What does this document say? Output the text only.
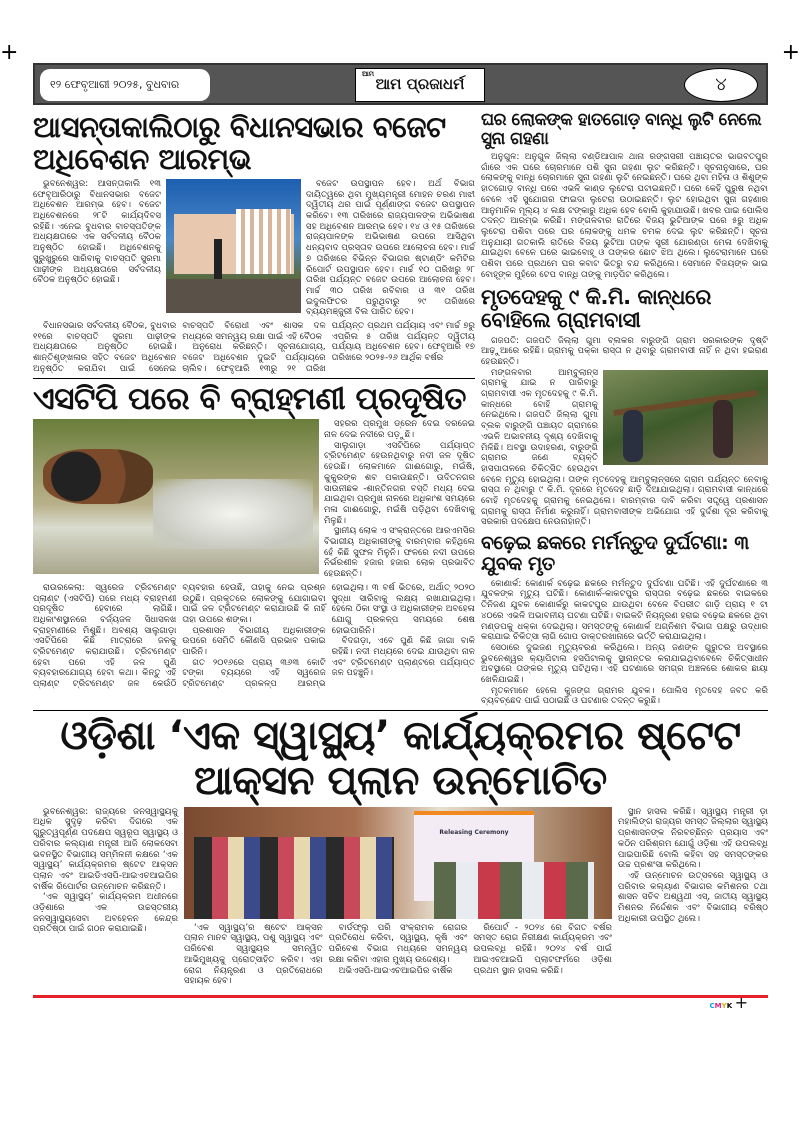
+	+
୧୨ ଫେବୃଆରୀ ୨୦୨୫, ବୁଧବାର
ଆମ
ଆମ ପ୍ରଜାଧର୍ମ	୪
ଆସନ୍ତାକାଲିଠାରୁ ବିଧାନସଭାର ବଜେଟ ଅଧିବେଶନ ଆରମ୍ଭ

ଭୁବନେଶ୍ୱର: ଆସନ୍ତାକାଲି ୧୩ ଫେବୃଆରିଠାରୁ ବିଧାନସଭାର ବଜେଟ ଅଧିବେଶନ ଆରମ୍ଭ ହେବ। ବଜେଟ ଅଧିବେଶନରେ ୨୮ଟି କାର୍ଯ୍ୟଦିବସ ରହିଛି। ଏନେଇ ବୁଧବାର ବାଚସ୍ପତିଙ୍କ ଅଧ୍ୟକ୍ଷତାରେ ଏକ ସର୍ବଦଳୀୟ ବୈଠକ ଅନୁଷ୍ଠିତ ହୋଇଛି। ଅଧିବେଶନକୁ ସୁରୁଖୁରୁରେ ସାରିବାକୁ ବାଚସ୍ପତି ସୁରମା ପାଢ଼ୀଙ୍କ ଅଧ୍ୟକ୍ଷତାରେ ସର୍ବଦଳୀୟ ବୈଠକ ଅନୁଷ୍ଠିତ ହୋଇଛି।

ବଜେଟ ଉପସ୍ଥାପନ ହେବ। ଅର୍ଥ ବିଭାଗ ଦାୟିତ୍ୱରେ ଥିବା ମୁଖ୍ୟମନ୍ତ୍ରୀ ମୋହନ ଚରଣ ମାଝୀ ଦ୍ୱିତୀୟ ଥର ପାଇଁ ପୂର୍ଣ୍ଣାଙ୍ଗ ବଜେଟ ଉପସ୍ଥାପନ କରିବେ। ୧୩ ତାରିଖରେ ରାଜ୍ୟପାଳଙ୍କ ଅଭିଭାଷଣ ସହ ଅଧିବେଶନ ଆରମ୍ଭ ହେବ। ୧୪ ଓ ୧୫ ତାରିଖରେ ରାଜ୍ୟପାଳଙ୍କ ଅଭିଭାଷଣ ଉପରେ ଆସିଥିବା ଧନ୍ୟବାଦ ପ୍ରସ୍ତାବ ଉପରେ ଆଲୋଚନା ହେବ। ମାର୍ଚ୍ଚ ୭ ତାରିଖରେ ବିଭିନ୍ନ ବିଭାଗର ଷ୍ଟାଣ୍ଡିଂ କମିଟିର ରିପୋର୍ଟ ଉପସ୍ଥାପନ ହେବ। ମାର୍ଚ୍ଚ ୧୦ ତାରିଖରୁ ୨୮ ତାରିଖ ପର୍ଯ୍ୟନ୍ତ ବଜେଟ ଉପରେ ଆଲୋଚନା ହେବ। ମାର୍ଚ୍ଚ ୩୦ ତାରିଖ ରବିବାର ଓ ୩୧ ତାରିଖ ଇଦୁଲଫିତର ପରୁଥିବାରୁ ୨୯ ତାରିଖରେ ବ୍ୟୟମଞ୍ଜୁରୀ ବିଲ ପାରିତ ହେବ।

ବିଧାନସଭାର ସର୍ବଦଳୀୟ ବୈଠକ, ବୁଧବାର ୧୧ରେ ବାଚସ୍ପତି ସୁରମା ପାଢ଼ୀଙ୍କ ଅଧ୍ୟକ୍ଷତାରେ ଅନୁଷ୍ଠିତ ହୋଇଛି। ଶାନ୍ତିଶୃଙ୍ଖଳାର ସହିତ ବଜେଟ ଅଧିବେଶନ ଅନୁଷ୍ଠିତ କରାଯିବା ପାଇଁ ସେନେଇ ବାଚସ୍ପତି ବିରୋଧୀ ଏବଂ ଶାସକ ଦଳ ମଧ୍ୟରେ ସମନ୍ୱୟ ରକ୍ଷା ପାଇଁ ଏହି ବୈଠକ

ଅନୁରୋଧ କରିଛନ୍ତି। ସୂଚନାଯୋଗ୍ୟ, ବଜେଟ ଅଧିବେଶନ ଦୁଇଟି ପର୍ଯ୍ୟାୟରେ ଚାଲିବ। ଫେବୃଆରି ୧୩ରୁ ୨୧ ତାରିଖ ପର୍ଯ୍ୟନ୍ତ ପ୍ରଥମ ପର୍ଯ୍ୟାୟ ଏବଂ ମାର୍ଚ୍ଚ ୭ରୁ ଏପ୍ରିଲ ୫ ତାରିଖ ପର୍ଯ୍ୟନ୍ତ ଦ୍ୱିତୀୟ ପର୍ଯ୍ୟାୟ ଅଧିବେଶନ ହେବ। ଫେବୃଆରି ୧୭ ତାରିଖରେ ୨୦୨୫-୨୬ ଆର୍ଥିକ ବର୍ଷର

ଏସଟିପି ପରେ ବି ବ୍ରାହ୍ମଣୀ ପ୍ରଦୂଷିତ

ସହରର ପ୍ରମୁଖ ଡ୍ରେନ ଦେଇ ଦରଜେଇ ନାଳ ଦେଇ ନଦୀରେ ପଡ଼ୁଛି।

ସାଲୁଗାଡ଼ା ଏସଟିପିରେ ପର୍ଯ୍ୟାପ୍ତ ଟ୍ରିଟମେଣ୍ଟ ହେଉନଥିବାରୁ ନଦୀ ଜଳ ଦୂଷିତ ହେଉଛି। ଲୋକମାନେ ଗାଈଗୋରୁ, ମଇଁଷି, କୁକୁରଙ୍କ ଶବ ପକାଉଛନ୍ତି। ଉଦିତନଗର ସାଉନୀଛକ -ଶାନ୍ତିନଗର ବସ୍ତି ମଧ୍ୟ ଦେଇ ଯାଇଥିବା ପ୍ରମୁଖ ନାଳରେ ଅଧିକାଂଶ ସମୟରେ ମଳା ଗାଈଗୋରୁ, ମଇଁଷି ପଡ଼ିଥିବା ଦେଖିବାକୁ ମିଳୁଛି।

ସ୍ଥାନୀୟ ଲୋକ ଏ ସଂକ୍ରାନ୍ତରେ ଆରଏମସିର ବିଭାଗୀୟ ଅଧିକାରୀଙ୍କୁ ବାରମ୍ବାର କହିଥିଲେ ହେଁ କିଛି ସୁଫଳ ମିଳୁନି। ଫଳରେ ନଦୀ ଉପରେ ନିର୍ଭରଶୀଳ ହଜାର ହଜାର ଲୋକ ପ୍ରଭାବିତ ହେଉଛନ୍ତି।

ରାଉରକେଲା: ସ୍ୱରେଜ ଟ୍ରିଟମେଣ୍ଟ ପ୍ଲାଣ୍ଟ (ଏସଟିପି) ପରେ ମଧ୍ୟ ବ୍ରାହ୍ମଣୀ ପ୍ରଦୂଷିତ ହେବାରେ ଲାଗିଛି। ଅଧିକାଂଶସ୍ଥାନରେ ବର୍ଜ୍ୟଜଳ ସିଧାସଳଖ ବ୍ରାହ୍ମଣୀରେ ମିଶୁଛି। ଅବଶ୍ୟ ସାଲୁଗାଡ଼ା ଏସଟିପିରେ କିଛି ମାତ୍ରାରେ ଜଳକୁ ଟ୍ରିଟମେଣ୍ଟ କରାଯାଉଛି। ଟ୍ରିଟମେଣ୍ଟ ହେବା ପରେ ଏହି ଜଳ ପୁଣି ବ୍ୟବହାରଯୋଗ୍ୟ ହେବା କଥା। କିନ୍ତୁ ଏହି ପ୍ଲାଣ୍ଟ ଟ୍ରିଟମେଣ୍ଟ ଜଳ କେଉଁଠି ବ୍ୟବହାର ହେଉଛି, ତାହାକୁ ନେଇ ପ୍ରଶ୍ନ ଉଠୁଛି। ପ୍ରକୃତରେ ଲୋକଙ୍କୁ ଯୋଗାଇବା ପାଇଁ ଜଳ ଟ୍ରିଟମେଣ୍ଟ କରାଯାଉଛି କି ନାହିଁ ତାହା ଉପରେ ଶଙ୍କା।

ପ୍ରଶାସନ ବିଭାଗୀୟ ଅଧିକାରୀଙ୍କ ଉପରେ ସେମିତି କୌଣସି ପ୍ରଭାବ ପକାଇ ପାରିନି।

ଗତ ୨୦୧୬ରେ ପ୍ରାୟ ୩୬୩ କୋଟି ଟଙ୍କା ବ୍ୟୟରେ ଏହି ସ୍ୱରେଜ ଟ୍ରିଟମେଣ୍ଟ ପ୍ରକଳ୍ପ ଆରମ୍ଭ ହୋଇଥିଲା। ୩ ବର୍ଷ ଭିତରେ, ଅର୍ଥାତ୍ ୨୦୨୦ ସୁଦ୍ଧା ସାରିବାକୁ ଲକ୍ଷ୍ୟ ରଖାଯାଇଥିଲା। ହେଲେ ଠିକା ସଂସ୍ଥା ଓ ଅଧିକାରୀଙ୍କ ଅବହେଳା ଯୋଗୁ ପ୍ରକଳ୍ପ ସମୟରେ ଶେଷ ହୋଇପାରିନି।

ବିଦଗଡ଼ା, ଏବେ ପୁଣି କିଛି ଜାଗା ବାକି ରହିଛି। ନଦୀ ମଧ୍ୟରେ ଦେଇ ଯାଉଥିବା ନାଳ ଏବଂ ଟ୍ରିଟମେଣ୍ଟ ପ୍ଲାଣ୍ଟରେ ପର୍ଯ୍ୟାପ୍ତ ଜଳ ପହଞ୍ଚୁନି।

ଘର ଲୋକଙ୍କ ହାତଗୋଡ଼ ବାନ୍ଧି ଲୁଟି ନେଲେ ସୁନା ଗହଣା

ଅନୁଗୁଳ: ଅନୁଗୁଳ ଜିଲ୍ଲା ବଣ୍ଡିଆପାଳ ଥାନା ରଙ୍ଗସରୀ ପଞ୍ଚାୟତର ଭାଗବତପୁର ଗାଁରେ ଏକ ଘରେ ଚୋରମାନେ ପଶି ସୁନା ଗହଣା ଲୁଟ କରିଛନ୍ତି। ସୂଚନାନୁସାରେ, ଘର ଲୋକଙ୍କୁ ବାନ୍ଧି ଚୋରମାନେ ସୁନା ଗହଣା ଲୁଟି ନେଇଛନ୍ତି। ଘରେ ଥିବା ମହିଳା ଓ ଶିଶୁଙ୍କ ହାତଗୋଡ଼ ବାନ୍ଧି ପରେ ଏଭଳି କାଣ୍ଡ ଲୁଟେରା ଘଟାଇଛନ୍ତି। ଘରେ କେହି ପୁରୁଷ ନଥିବା ବେଳେ ଏହି ସୁଯୋଗର ଫାଇଦା ଲୁଟେରା ଉଠାଇଛନ୍ତି। ଲୁଟ ହୋଇଥିବା ସୁନା ଗହଣାର ଆନୁମାନିକ ମୂଲ୍ୟ ୪ ଲକ୍ଷ ଟଙ୍କାରୁ ଅଧିକ ହେବ ବୋଲି କୁହାଯାଉଛି। ଖବର ପାଇ ପୋଲିସ ତଦନ୍ତ ଆରମ୍ଭ କରିଛି। ମଙ୍ଗଳବାର ରାତିରେ ବିଜୟ ଭୁଟିଆଙ୍କ ଘରେ ୫ରୁ ଅଧିକ ଲୁଟେରା ପଶିବା ପରେ ଘର ଲୋକଙ୍କୁ ଧମକ ଚମକ ଦେଇ ଲୁଟ କରିଛନ୍ତି। ସୂଚନା ଅନୁଯାୟୀ ଗତକାଲି ରାତିରେ ବିଜୟ ଭୁଟିଆ ତାଙ୍କ ସ୍ତ୍ରୀ ଯୋରଣ୍ଡା ମେଳା ଦେଖିବାକୁ ଯାଇଥିବା ବେଳେ ଘରେ ଭାଇବୋହୂ ଓ ତାଙ୍କର ଛୋଟ ଝିଅ ଥିଲେ। ଲୁଟେରାମାନେ ଘରେ ପଶିବା ପରେ ପ୍ରଥମେ ଘର କବାଟ ଭିତରୁ ବନ୍ଦ କରିଥିଲେ। ସେମାନେ ବିଜୟଙ୍କ ଭାଇ ବୋହୂଙ୍କ ମୁହଁରେ ଟେପ ବାନ୍ଧି ତାଙ୍କୁ ମାଡ଼ପିଟ କରିଥିଲେ।

ମୃତଦେହକୁ ୯ କି.ମି. କାନ୍ଧରେ ବୋହିଲେ ଗ୍ରାମବାସୀ

ଗଜପତି: ଗଜପତି ଜିଲ୍ଲା ଗୁମା ବ୍ଲକର ବାରୁଙ୍ଗି ଗ୍ରାମ ସରକାରଙ୍କ ଦୃଷ୍ଟି ଆଢ଼ୁଆରେ ରହିଛି। ଗ୍ରାମକୁ ପକ୍କା ରାସ୍ତା ନ ଥିବାରୁ ଗ୍ରାମବାସୀ ନାହିଁ ନ ଥିବା ହଇରାଣ ହେଉଛନ୍ତି।

ମଙ୍ଗଳବାର ଆମ୍ବୁଲାନ୍ସ ଗ୍ରାମକୁ ଯାଇ ନ ପାରିବାରୁ ଗ୍ରାମବାସୀ ଏକ ମୃତଦେହକୁ ୯ କି.ମି. କାନ୍ଧରେ ବୋହି ଗ୍ରାମକୁ ନେଇଥିଲେ। ଗଜପତି ଜିଲ୍ଲା ଗୁମା ବ୍ଲକ ବାରୁଙ୍ଗି ପଞ୍ଚାୟତ ଗ୍ରାମରେ ଏଭଳି ଅଭାବନୀୟ ଦୃଶ୍ୟ ଦେଖିବାକୁ ମିଳିଛି। ଅବସ୍ଥା ଉଦାହରଣ, ବାରୁଙ୍ଗି ଗ୍ରାମର ଜଣେ ବ୍ୟକ୍ତି ହାସପାତାଳରେ ଚିକିତ୍ସିତ ହେଉଥିବା ବେଳେ ମୃତ୍ୟୁ ହୋଇଥିଲା। ତାଙ୍କ ମୃତଦେହକୁ ଆମ୍ବୁଲାନ୍ସରେ ଗ୍ରାମ ପର୍ଯ୍ୟନ୍ତ ନେବାକୁ ରାସ୍ତା ନ ଥିବାରୁ ୯ କି.ମି. ଦୂରରେ ମୃତଦେହ ଛାଡ଼ି ଦିଆଯାଇଥିଲା। ଗ୍ରାମବାସୀ କାନ୍ଧରେ ବୋହି ମୃତଦେହକୁ ଗ୍ରାମକୁ ନେଇଥିଲେ। ବାରମ୍ବାର ଦାବି କରିବା ସତ୍ତ୍ୱେ ପ୍ରଶାସନ ଗ୍ରାମକୁ ରାସ୍ତା ନିର୍ମାଣ କରୁନାହିଁ। ଗ୍ରାମବାସୀଙ୍କ ଅଭିଯୋଗ ଏହି ଦୁର୍ଦ୍ଦଶା ଦୂର କରିବାକୁ ସରକାର ପଦକ୍ଷେପ ନେଉନାହାନ୍ତି।

ବଢ଼େଇ ଛକରେ ମର୍ମନ୍ତୁଦ ଦୁର୍ଘଟଣା: ୩ ଯୁବକ ମୃତ

କୋଣାର୍କ: କୋଣାର୍କ ବଢ଼େଇ ଛକରେ ମର୍ମନ୍ତୁଦ ଦୁର୍ଘଟଣା ଘଟିଛି। ଏହି ଦୁର୍ଘଟଣାରେ ୩ ଯୁବକଙ୍କ ମୃତ୍ୟୁ ଘଟିଛି। କୋଣାର୍କ-କାକଟପୁର ରାସ୍ତାର ବଢ଼େଇ ଛକରେ ବାଇକରେ ତିନିଜଣ ଯୁବକ କୋଣାର୍କରୁ କାକଟପୁର ଯାଉଥିବା ବେଳେ ବିପରୀତ ଗାଡ଼ି ପ୍ରାୟ ୧ ଟା ୪୦ରେ ଏଭଳି ଅଭାବନୀୟ ଘଟଣା ଘଟିଛି। ବାଇକଟି ନିୟନ୍ତ୍ରଣ ହରାଇ ବଢ଼େଇ ଛକରେ ଥିବା ମଣ୍ଡପକୁ ଧକ୍କା ଦେଇଥିଲା। ସମସ୍ତଙ୍କୁ କୋଣାର୍କ ଅଗ୍ନିଶମ ବିଭାଗ ପକ୍ଷରୁ ଉଦ୍ଧାର କରାଯାଇ ଚିକିତ୍ସା ଲାଗି ଗୋପ ଡାକ୍ତରଖାନାରେ ଭର୍ତ୍ତି କରାଯାଇଥିଲା।

ସେଠାରେ ଦୁଇଜଣ ମୃତ୍ୟୁବରଣ କରିଥିଲେ। ଅନ୍ୟ ଜଣଙ୍କ ଗୁରୁତର ଅବସ୍ଥାରେ ଭୁବନେଶ୍ୱର କ୍ୟାପିଟାଲ ହସପିଟାଲକୁ ସ୍ଥାନାନ୍ତର କରାଯାଇଥିବାବେଳେ ଚିକିତ୍ସାଧୀନ ଅବସ୍ଥାରେ ତାଙ୍କର ମୃତ୍ୟୁ ଘଟିଥିଲା। ଏହି ଘଟଣାରେ ସମଗ୍ର ଅଞ୍ଚଳରେ ଶୋକର ଛାୟା ଖେଳିଯାଇଛି।

ମୃତକମାନେ ହେଲେ କୁଜଙ୍ଗ ଗ୍ରାମର ଯୁବକ। ପୋଲିସ ମୃତଦେହ ଜବତ କରି ବ୍ୟବଚ୍ଛେଦ ପାଇଁ ପଠାଇଛି ଓ ଘଟଣାର ତଦନ୍ତ କରୁଛି।

ଓଡ଼ିଶା ‘ଏକ ସ୍ୱାସ୍ଥ୍ୟ’ କାର୍ଯ୍ୟକ୍ରମର ଷ୍ଟେଟ ଆକ୍ସନ ପ୍ଲାନ ଉନ୍ମୋଚିତ

ଭୁବନେଶ୍ୱର: ରାଜ୍ୟରେ ଜନସ୍ୱାସ୍ଥ୍ୟକୁ ଅଧିକ ସୁଦୃଢ଼ କରିବା ଦିଗରେ ଏକ ଗୁରୁତ୍ୱପୂର୍ଣ୍ଣ ପଦକ୍ଷେପ ସ୍ୱରୂପ ସ୍ୱାସ୍ଥ୍ୟ ଓ ପରିବାର କଲ୍ୟାଣ ମନ୍ତ୍ରୀ ଆଜି ଲୋକସେବା ଭବନସ୍ଥିତ ବିଭାଗୀୟ ସମ୍ମିଳନୀ କକ୍ଷରେ ‘ଏକ ସ୍ୱାସ୍ଥ୍ୟ’ କାର୍ଯ୍ୟକ୍ରମର ଷ୍ଟେଟ ଆକ୍ସନ ପ୍ଲାନ ଏବଂ ଆଇଡିଏସପି-ଆଇଏଚଆଇପିର ବାର୍ଷିକ ରିପୋର୍ଟର ଉନ୍ମୋଚନ କରିଛନ୍ତି।

‘ଏକ ସ୍ୱାସ୍ଥ୍ୟ’ କାର୍ଯ୍ୟକ୍ରମ ଅଧୀନରେ ଓଡ଼ିଶାରେ ଏକ ଉଚ୍ଚସ୍ତରୀୟ ଜନସ୍ୱାସ୍ଥ୍ୟସେବା ଅବହେଳନ କେନ୍ଦ୍ର ପ୍ରତିଷ୍ଠା ପାଇଁ ଗଠନ କରାଯାଇଛି।

Releasing Ceremony

‘ଏକ ସ୍ୱାସ୍ଥ୍ୟ’ର ଷ୍ଟେଟ ଆକ୍ସନ ପ୍ଲାନ ମାନବ ସ୍ୱାସ୍ଥ୍ୟ, ପଶୁ ସ୍ୱାସ୍ଥ୍ୟ ଏବଂ ପରିବେଶ ସ୍ୱାସ୍ଥ୍ୟର ସମନ୍ୱିତ ଆଭିମୁଖ୍ୟକୁ ପ୍ରୋତ୍ସାହିତ କରିବ। ଏହା ରୋଗ ନିୟନ୍ତ୍ରଣ ଓ ପ୍ରତିରୋଧରେ ସହାୟକ ହେବ।

ବାର୍ଡଫ୍ଲୁ ପରି ସଂକ୍ରାମକ ରୋଗର ପ୍ରତିରୋଧ କରିବା, ସ୍ୱାସ୍ଥ୍ୟ, କୃଷି ଏବଂ ପରିବେଶ ବିଭାଗ ମଧ୍ୟରେ ସମନ୍ୱୟ ରକ୍ଷା କରିବା ଏହାର ମୁଖ୍ୟ ଉଦ୍ଦେଶ୍ୟ।

ଅଭିଏସପି-ଆଇଏଚଆଇପିର ବାର୍ଷିକ

ରିପୋର୍ଟ - ୨୦୨୪ ରେ ବିଗତ ବର୍ଷର ସମସ୍ତ ରୋଗ ନିରୀକ୍ଷଣ କାର୍ଯ୍ୟକ୍ରମ ଏବଂ ଉପଲବ୍ଧି ରହିଛି। ୨୦୨୪ ବର୍ଷ ପାଇଁ ଆଇଏଚଆଇପି ପ୍ଲାଟଫର୍ମରେ ଓଡ଼ିଶା ପ୍ରଥମ ସ୍ଥାନ ହାସଲ କରିଛି।

ସ୍ଥାନ ହାସଲ କରିଛି। ସ୍ୱାସ୍ଥ୍ୟ ମନ୍ତ୍ରୀ ଡ଼ା ମହାଲିଙ୍ଗ ରାଜ୍ୟର ସମସ୍ତ ଜିଲ୍ଲାର ସ୍ୱାସ୍ଥ୍ୟ ପ୍ରଶାସନଙ୍କ ନିରବଚ୍ଛିନ୍ନ ପ୍ରୟାସ ଏବଂ କଠିନ ପରିଶ୍ରମ ଯୋଗୁଁ ଓଡ଼ିଶା ଏହି ଉପଲବ୍ଧି ପାଇପାରିଛି ବୋଲି କହିବା ସହ ସମସ୍ତଙ୍କର ଉଚ୍ଚ ପ୍ରଶଂସା କରିଥିଲେ।

ଏହି ଉନ୍ମୋଚନ ଉତ୍ସବରେ ସ୍ୱାସ୍ଥ୍ୟ ଓ ପରିବାର କଲ୍ୟାଣ ବିଭାଗର କମିଶନର ତଥା ଶାସନ ସଚିବ ଅଶ୍ୱଥୀ ଏସ୍, ଜାତୀୟ ସ୍ୱାସ୍ଥ୍ୟ ମିଶନର ନିର୍ଦ୍ଦେଶକ ଏବଂ ବିଭାଗୀୟ ବରିଷ୍ଠ ଅଧିକାରୀ ଉପସ୍ଥିତ ଥିଲେ।

CMYK +
